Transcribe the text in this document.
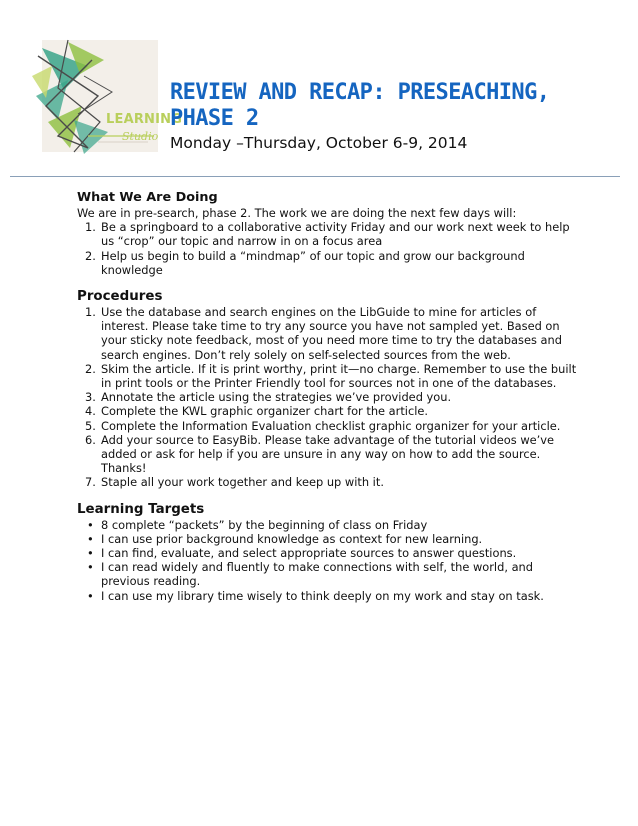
LEARNING
Studio
REVIEW AND RECAP: PRESEACHING, PHASE 2
Monday –Thursday, October 6-9, 2014

What We Are Doing

We are in pre-search, phase 2. The work we are doing the next few days will:

1. Be a springboard to a collaborative activity Friday and our work next week to help us “crop” our topic and narrow in on a focus area
2. Help us begin to build a “mindmap” of our topic and grow our background knowledge

Procedures

1. Use the database and search engines on the LibGuide to mine for articles of interest. Please take time to try any source you have not sampled yet. Based on your sticky note feedback, most of you need more time to try the databases and search engines. Don’t rely solely on self-selected sources from the web.
2. Skim the article. If it is print worthy, print it—no charge. Remember to use the built in print tools or the Printer Friendly tool for sources not in one of the databases.
3. Annotate the article using the strategies we’ve provided you.
4. Complete the KWL graphic organizer chart for the article.
5. Complete the Information Evaluation checklist graphic organizer for your article.
6. Add your source to EasyBib. Please take advantage of the tutorial videos we’ve added or ask for help if you are unsure in any way on how to add the source. Thanks!
7. Staple all your work together and keep up with it.

Learning Targets

• 8 complete “packets” by the beginning of class on Friday
• I can use prior background knowledge as context for new learning.
• I can find, evaluate, and select appropriate sources to answer questions.
• I can read widely and fluently to make connections with self, the world, and previous reading.
• I can use my library time wisely to think deeply on my work and stay on task.
